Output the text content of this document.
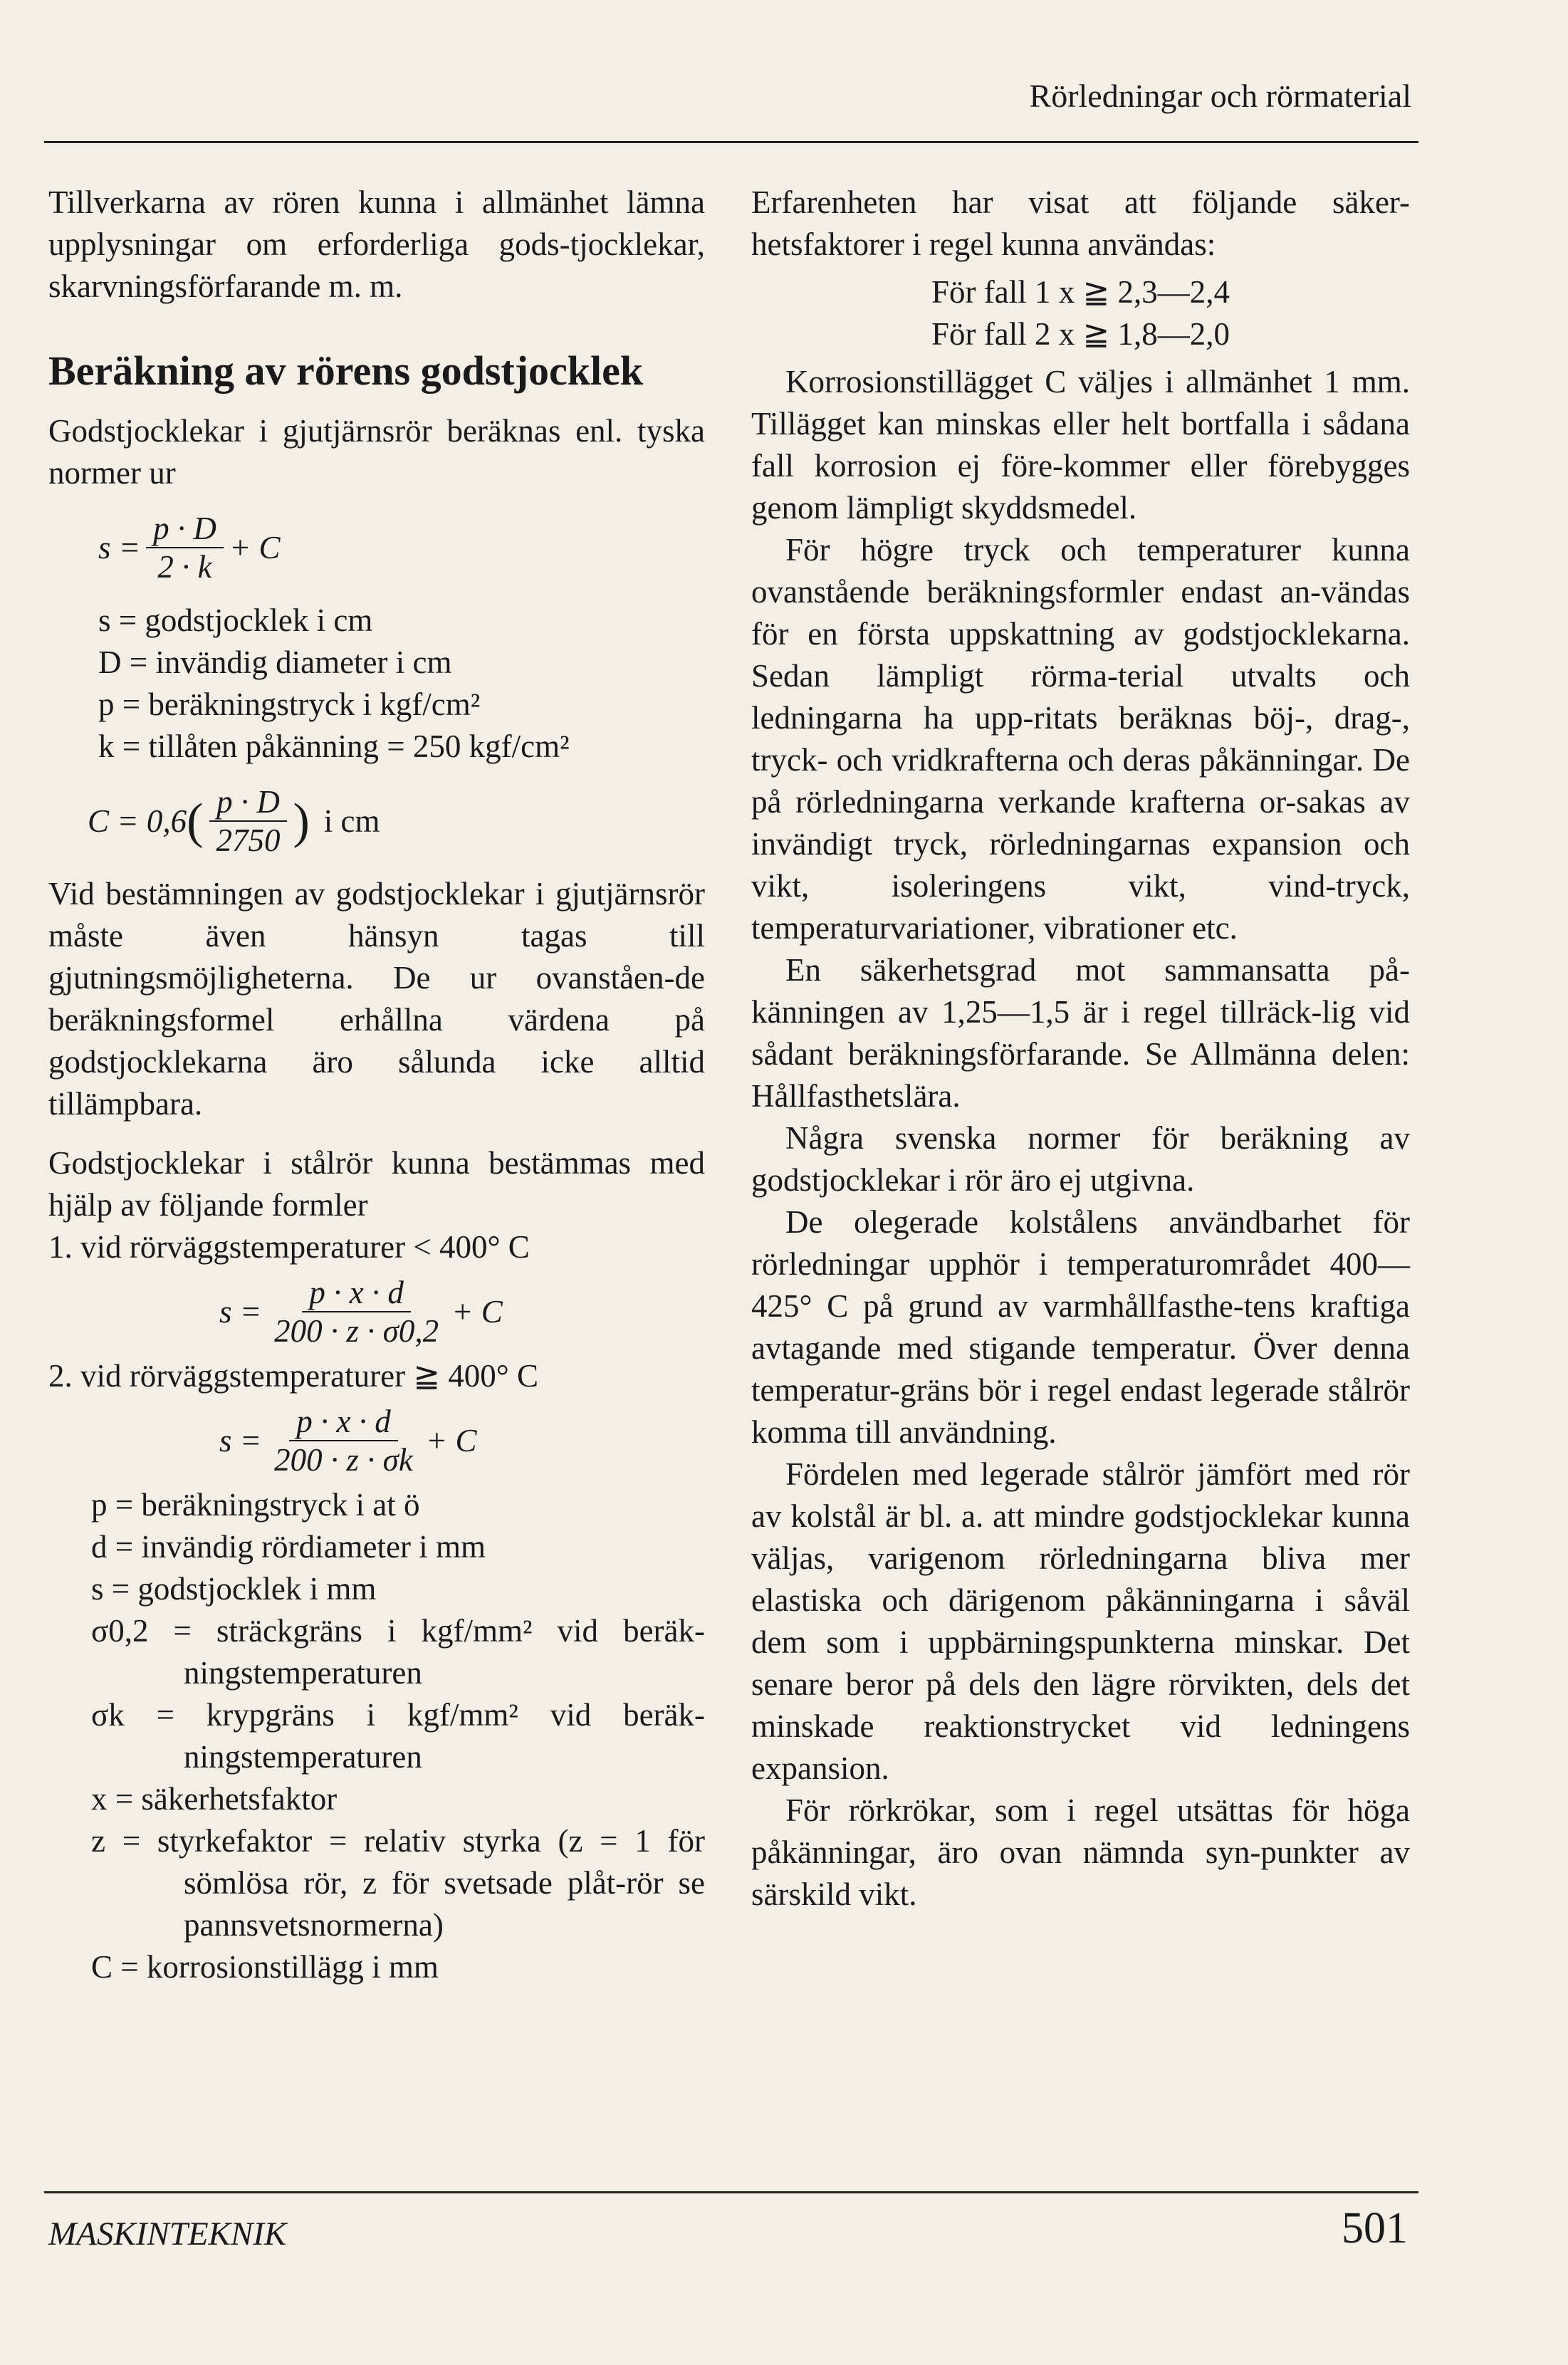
Rörledningar och rörmaterial

Tillverkarna av rören kunna i allmänhet lämna upplysningar om erforderliga gods-tjocklekar, skarvningsförfarande m. m.

Beräkning av rörens godstjocklek

Godstjocklekar i gjutjärnsrör beräknas enl. tyska normer ur

$s = \frac{p \cdot D}{2 \cdot k} + C$

s = godstjocklek i cm

D = invändig diameter i cm

p = beräkningstryck i kgf/cm²

k = tillåten påkänning = 250 kgf/cm²

C = 0,6 ( $\frac{p \cdot D}{2750}$ ) i cm

Vid bestämningen av godstjocklekar i gjutjärnsrör måste även hänsyn tagas till gjutningsmöjligheterna. De ur ovanståen-de beräkningsformel erhållna värdena på godstjocklekarna äro sålunda icke alltid tillämpbara.

Godstjocklekar i stålrör kunna bestämmas med hjälp av följande formler

1. vid rörväggstemperaturer < 400° C

$s = \frac{p \cdot x \cdot d}{200 \cdot z \cdot \sigma 0,2} + C$

2. vid rörväggstemperaturer ≧ 400° C

$s = \frac{p \cdot x \cdot d}{200 \cdot z \cdot \sigma k} + C$

p = beräkningstryck i at ö

d = invändig rördiameter i mm

s = godstjocklek i mm

σ0,2 = sträckgräns i kgf/mm² vid beräk-ningstemperaturen

σk = krypgräns i kgf/mm² vid beräk-ningstemperaturen

x = säkerhetsfaktor

z = styrkefaktor = relativ styrka (z = 1 för sömlösa rör, z för svetsade plåt-rör se pannsvetsnormerna)

C = korrosionstillägg i mm

Erfarenheten har visat att följande säker-hetsfaktorer i regel kunna användas:

För fall 1 x ≧ 2,3—2,4

För fall 2 x ≧ 1,8—2,0

Korrosionstillägget C väljes i allmänhet 1 mm. Tillägget kan minskas eller helt bortfalla i sådana fall korrosion ej före-kommer eller förebygges genom lämpligt skyddsmedel.

För högre tryck och temperaturer kunna ovanstående beräkningsformler endast an-vändas för en första uppskattning av godstjocklekarna. Sedan lämpligt rörma-terial utvalts och ledningarna ha upp-ritats beräknas böj-, drag-, tryck- och vridkrafterna och deras påkänningar. De på rörledningarna verkande krafterna or-sakas av invändigt tryck, rörledningarnas expansion och vikt, isoleringens vikt, vind-tryck, temperaturvariationer, vibrationer etc.

En säkerhetsgrad mot sammansatta på-känningen av 1,25—1,5 är i regel tillräck-lig vid sådant beräkningsförfarande. Se Allmänna delen: Hållfasthetslära.

Några svenska normer för beräkning av godstjocklekar i rör äro ej utgivna.

De olegerade kolstålens användbarhet för rörledningar upphör i temperaturområdet 400—425° C på grund av varmhållfasthe-tens kraftiga avtagande med stigande temperatur. Över denna temperatur-gräns bör i regel endast legerade stålrör komma till användning.

Fördelen med legerade stålrör jämfört med rör av kolstål är bl. a. att mindre godstjocklekar kunna väljas, varigenom rörledningarna bliva mer elastiska och därigenom påkänningarna i såväl dem som i uppbärningspunkterna minskar. Det senare beror på dels den lägre rörvikten, dels det minskade reaktionstrycket vid ledningens expansion.

För rörkrökar, som i regel utsättas för höga påkänningar, äro ovan nämnda syn-punkter av särskild vikt.

MASKINTEKNIK	501
